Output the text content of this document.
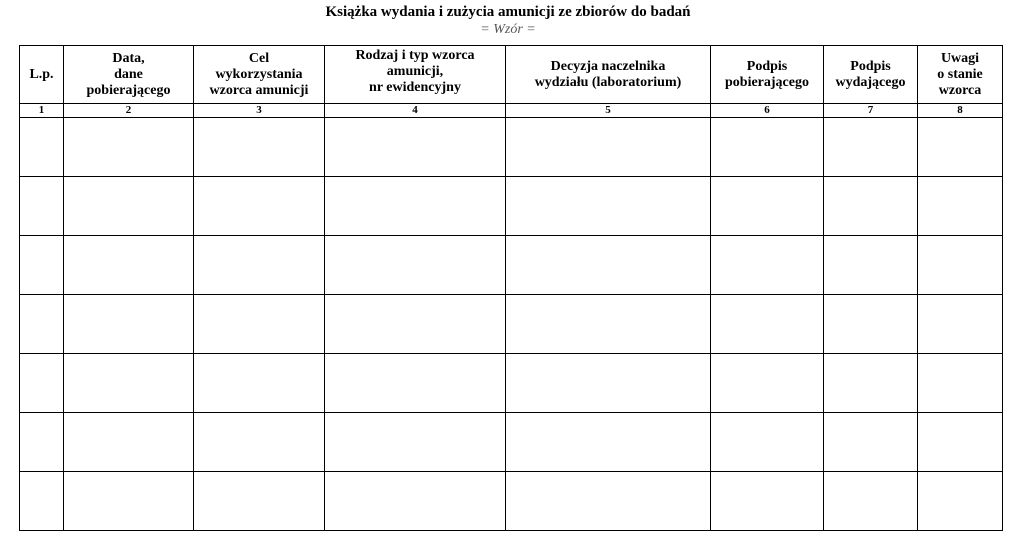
Książka wydania i zużycia amunicji ze zbiorów do badań
= Wzór =
L.p.	Data,
dane
pobierającego	Cel
wykorzystania
wzorca amunicji	Rodzaj i typ wzorca
amunicji,
nr ewidencyjny	Decyzja naczelnika
wydziału (laboratorium)	Podpis
pobierającego	Podpis
wydającego	Uwagi
o stanie
wzorca
1	2	3	4	5	6	7	8
